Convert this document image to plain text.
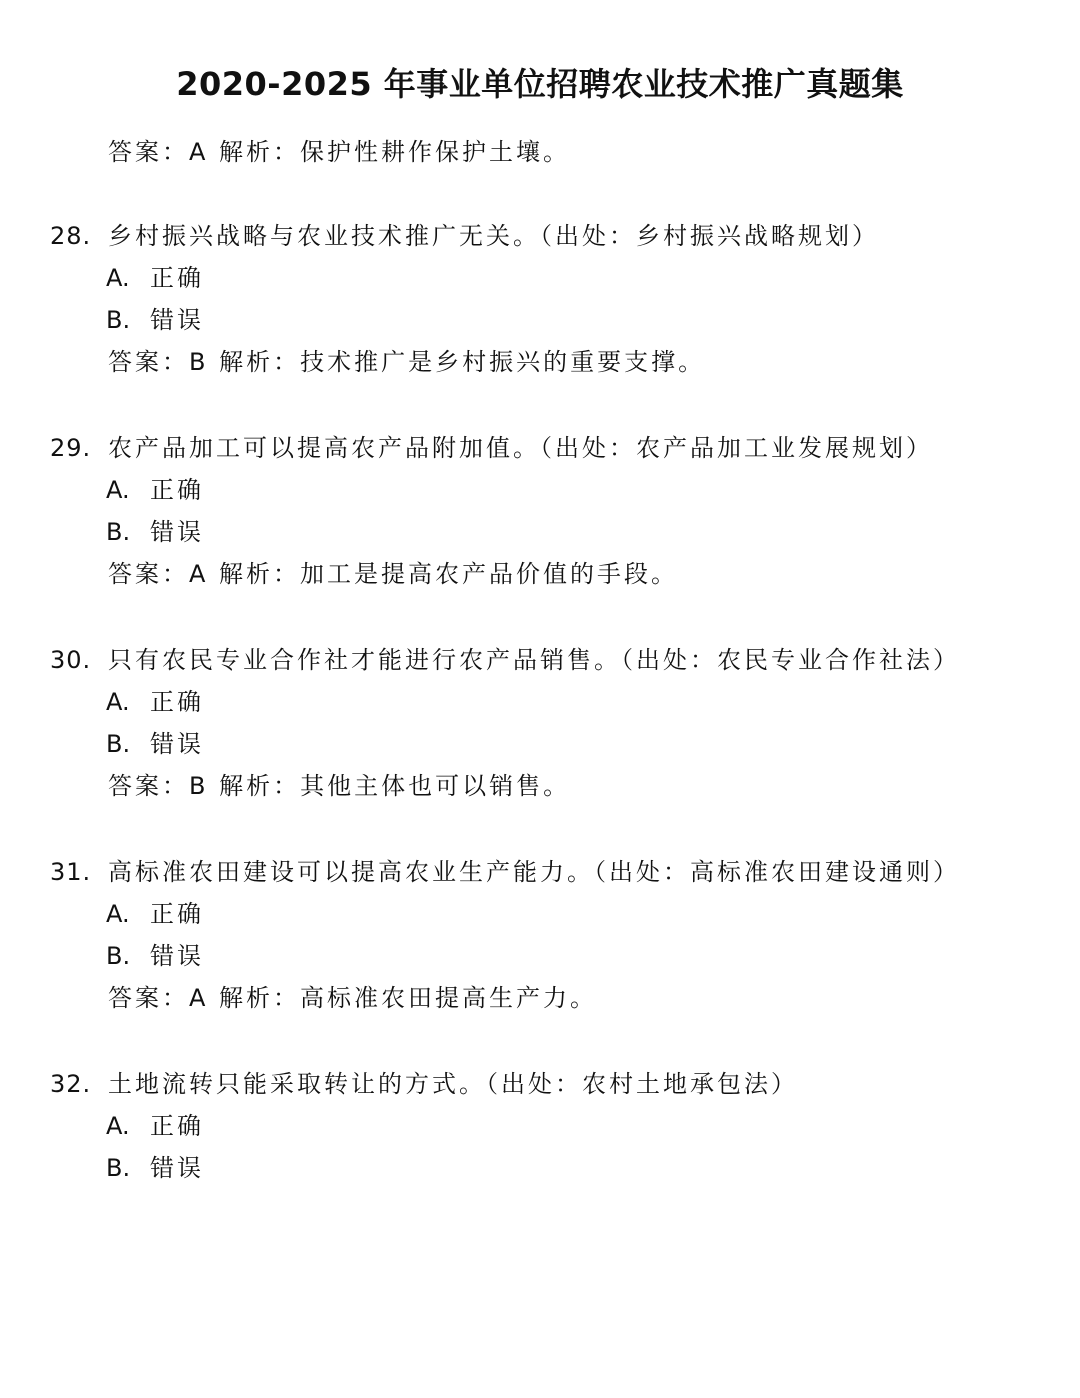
2020-2025 年事业单位招聘农业技术推广真题集
答案：A 解析：保护性耕作保护土壤。
28. 乡村振兴战略与农业技术推广无关。（出处：乡村振兴战略规划）
A. 正确
B. 错误
答案：B 解析：技术推广是乡村振兴的重要支撑。
29. 农产品加工可以提高农产品附加值。（出处：农产品加工业发展规划）
A. 正确
B. 错误
答案：A 解析：加工是提高农产品价值的手段。
30. 只有农民专业合作社才能进行农产品销售。（出处：农民专业合作社法）
A. 正确
B. 错误
答案：B 解析：其他主体也可以销售。
31. 高标准农田建设可以提高农业生产能力。（出处：高标准农田建设通则）
A. 正确
B. 错误
答案：A 解析：高标准农田提高生产力。
32. 土地流转只能采取转让的方式。（出处：农村土地承包法）
A. 正确
B. 错误
